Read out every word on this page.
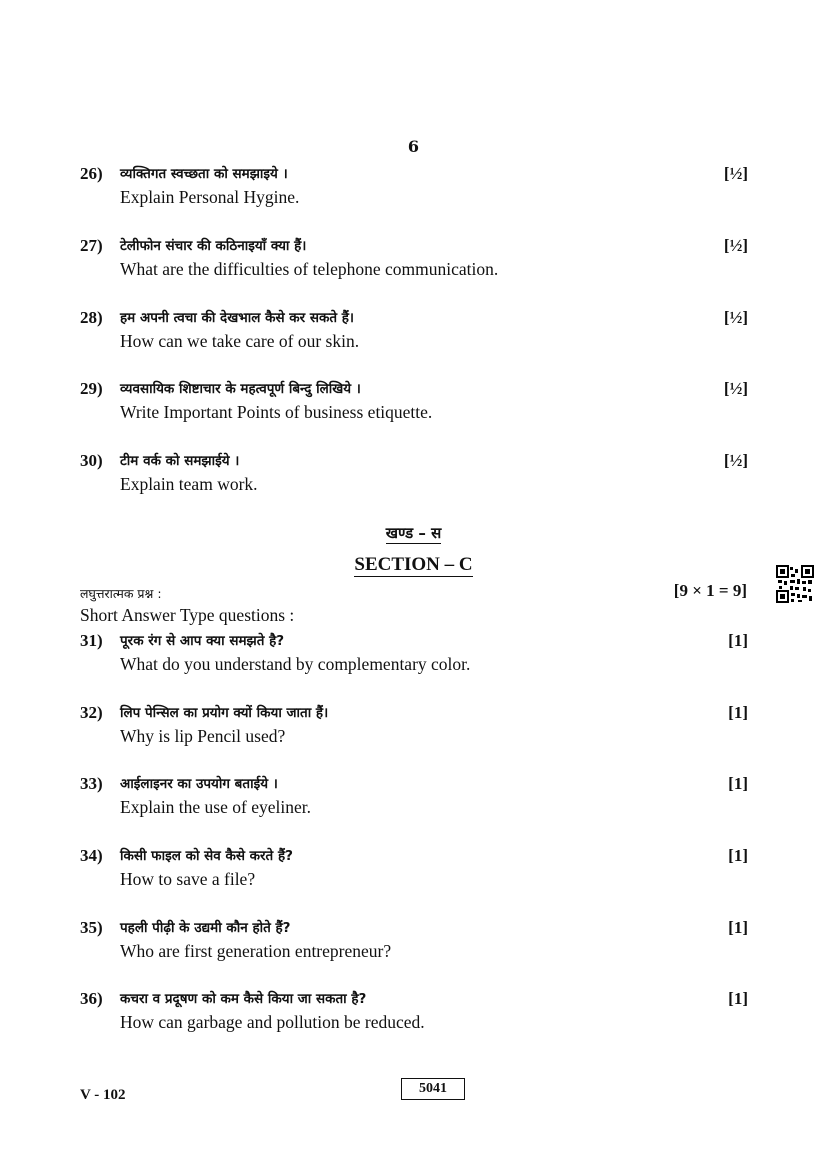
6
26) व्यक्तिगत स्वच्छता को समझाइये ।	[½]
Explain Personal Hygine.
27) टेलीफोन संचार की कठिनाइयाँ क्या हैं।	[½]
What are the difficulties of telephone communication.
28) हम अपनी त्वचा की देखभाल कैसे कर सकते हैं।	[½]
How can we take care of our skin.
29) व्यवसायिक शिष्टाचार के महत्वपूर्ण बिन्दु लिखिये ।	[½]
Write Important Points of business etiquette.
30) टीम वर्क को समझाईये ।	[½]
Explain team work.
खण्ड – स
SECTION – C
लघुत्तरात्मक प्रश्न :	[9 × 1 = 9]
Short Answer Type questions :
31) पूरक रंग से आप क्या समझते है?	[1]
What do you understand by complementary color.
32) लिप पेन्सिल का प्रयोग क्यों किया जाता हैं।	[1]
Why is lip Pencil used?
33) आईलाइनर का उपयोग बताईये ।	[1]
Explain the use of eyeliner.
34) किसी फाइल को सेव कैसे करते हैं?	[1]
How to save a file?
35) पहली पीढ़ी के उद्यमी कौन होते हैं?	[1]
Who are first generation entrepreneur?
36) कचरा व प्रदूषण को कम कैसे किया जा सकता है?	[1]
How can garbage and pollution be reduced.
V - 102	5041
